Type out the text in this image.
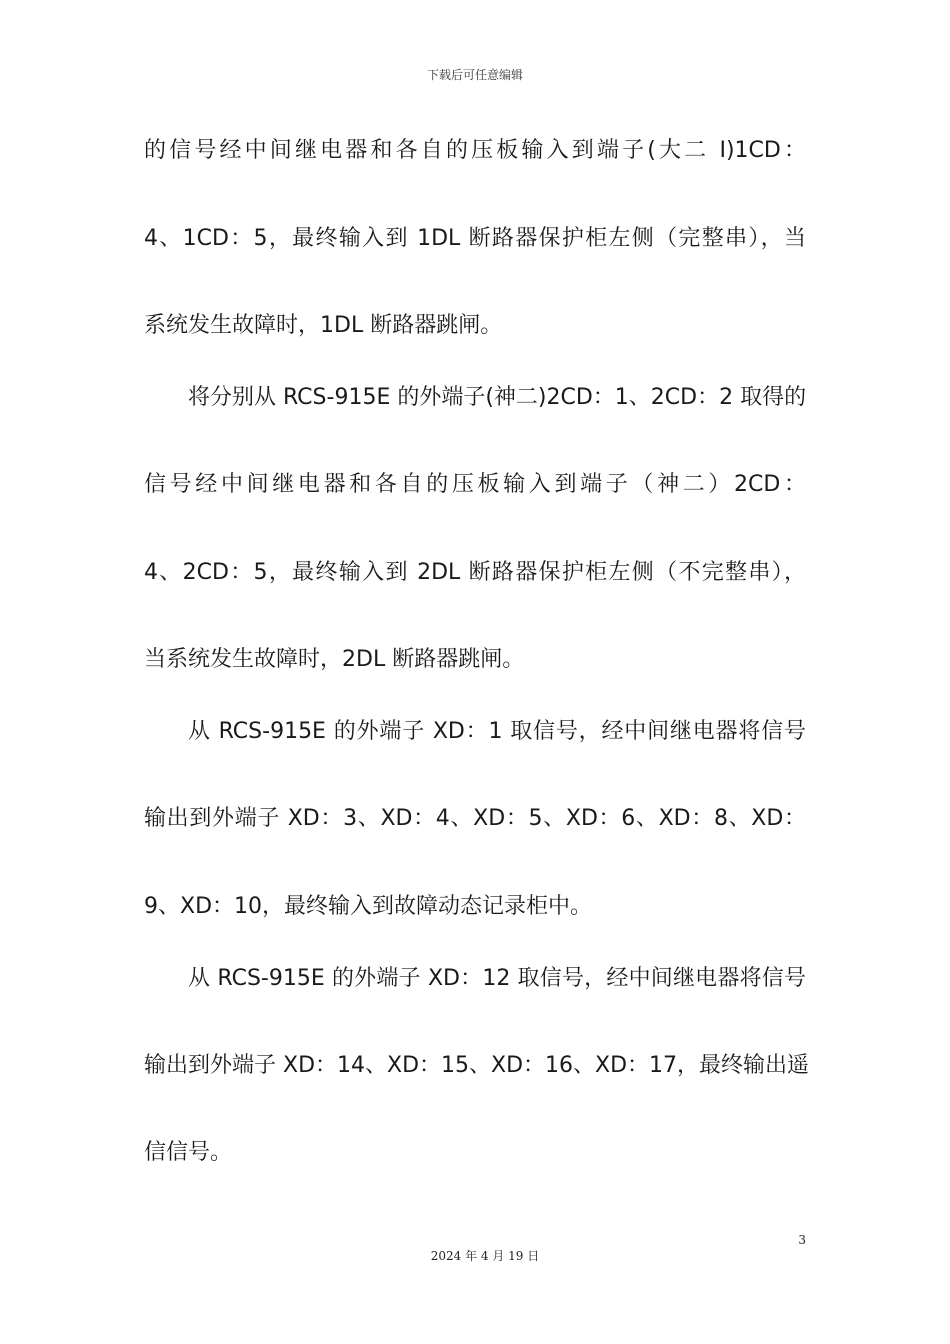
下载后可任意编辑
的信号经中间继电器和各自的压板输入到端子(大二 I)1CD：
4、1CD：5，最终输入到 1DL 断路器保护柜左侧（完整串），当
系统发生故障时，1DL 断路器跳闸。
将分别从 RCS-915E 的外端子(神二)2CD：1、2CD：2 取得的
信号经中间继电器和各自的压板输入到端子（神二）2CD：
4、2CD：5，最终输入到 2DL 断路器保护柜左侧（不完整串），
当系统发生故障时，2DL 断路器跳闸。
从 RCS-915E 的外端子 XD：1 取信号，经中间继电器将信号
输出到外端子 XD：3、XD：4、XD：5、XD：6、XD：8、XD：
9、XD：10，最终输入到故障动态记录柜中。
从 RCS-915E 的外端子 XD：12 取信号，经中间继电器将信号
输出到外端子 XD：14、XD：15、XD：16、XD：17，最终输出遥
信信号。
3
2024 年 4 月 19 日
